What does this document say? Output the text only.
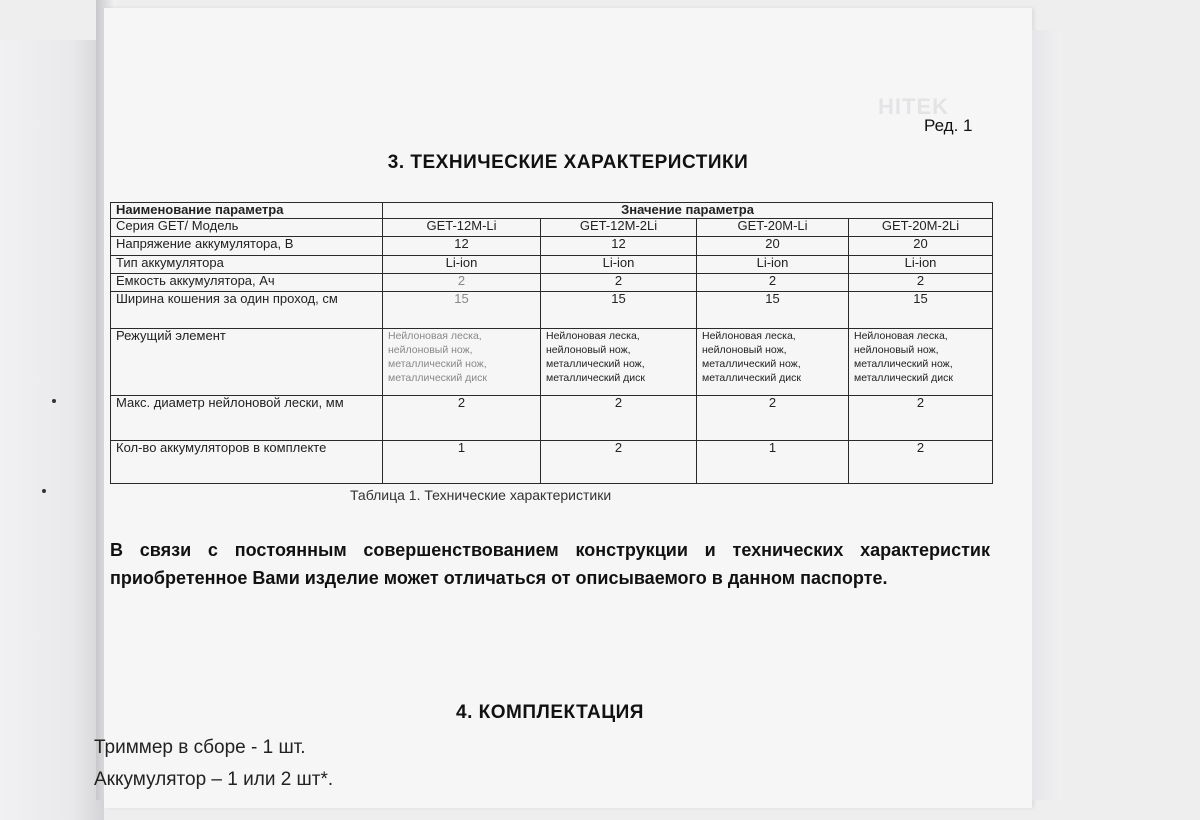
HITEK
Ред. 1
3. ТЕХНИЧЕСКИЕ ХАРАКТЕРИСТИКИ
Наименование параметра	Значение параметра			
Серия GET/ Модель	GET-12M-Li	GET-12M-2Li	GET-20M-Li	GET-20M-2Li
Напряжение аккумулятора, В	12	12	20	20
Тип аккумулятора	Li-ion	Li-ion	Li-ion	Li-ion
Емкость аккумулятора, Ач	2	2	2	2
Ширина кошения за один проход, см	15	15	15	15
Режущий элемент	Нейлоновая леска, нейлоновый нож, металлический нож, металлический диск	Нейлоновая леска, нейлоновый нож, металлический нож, металлический диск	Нейлоновая леска, нейлоновый нож, металлический нож, металлический диск	Нейлоновая леска, нейлоновый нож, металлический нож, металлический диск
Макс. диаметр нейлоновой лески, мм	2	2	2	2
Кол-во аккумуляторов в комплекте	1	2	1	2
Таблица 1. Технические характеристики
В связи с постоянным совершенствованием конструкции и технических характеристик приобретенное Вами изделие может отличаться от описываемого в данном паспорте.
4. КОМПЛЕКТАЦИЯ
Триммер в сборе - 1 шт.
Аккумулятор – 1 или 2 шт*.
